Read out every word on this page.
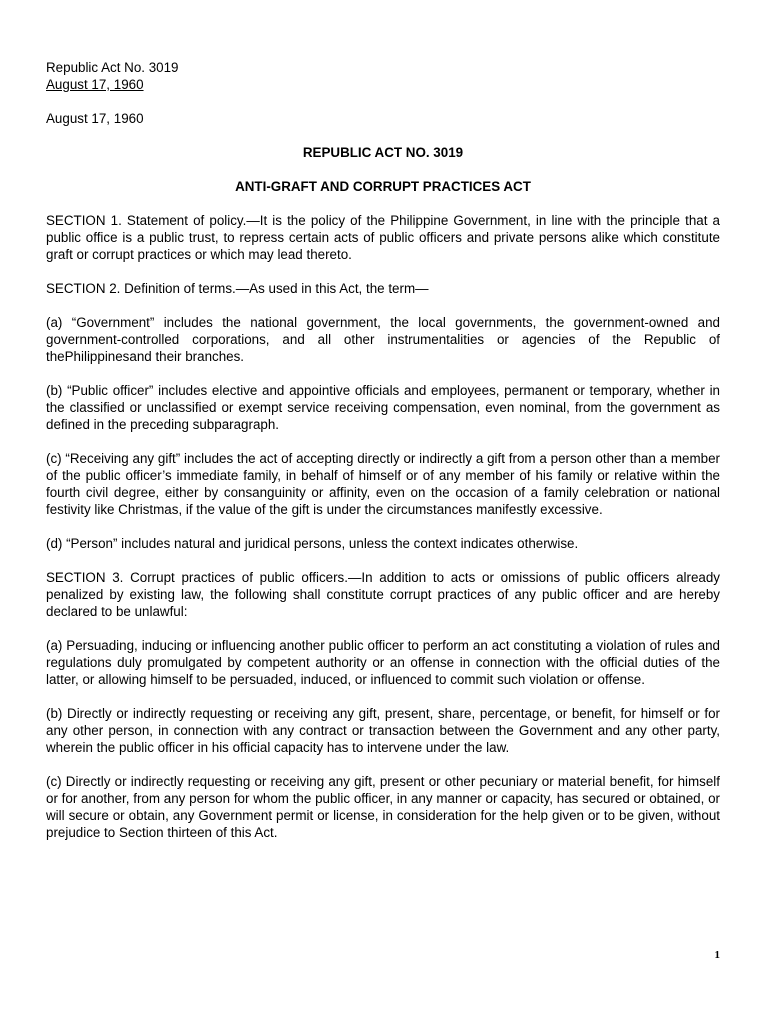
Republic Act No. 3019

August 17, 1960

August 17, 1960

REPUBLIC ACT NO. 3019

ANTI-GRAFT AND CORRUPT PRACTICES ACT

SECTION 1. Statement of policy.—It is the policy of the Philippine Government, in line with the principle that a public office is a public trust, to repress certain acts of public officers and private persons alike which constitute graft or corrupt practices or which may lead thereto.

SECTION 2. Definition of terms.—As used in this Act, the term—

(a) “Government” includes the national government, the local governments, the government-owned and government-controlled corporations, and all other instrumentalities or agencies of the Republic of thePhilippinesand their branches.

(b) “Public officer” includes elective and appointive officials and employees, permanent or temporary, whether in the classified or unclassified or exempt service receiving compensation, even nominal, from the government as defined in the preceding subparagraph.

(c) “Receiving any gift” includes the act of accepting directly or indirectly a gift from a person other than a member of the public officer’s immediate family, in behalf of himself or of any member of his family or relative within the fourth civil degree, either by consanguinity or affinity, even on the occasion of a family celebration or national festivity like Christmas, if the value of the gift is under the circumstances manifestly excessive.

(d) “Person” includes natural and juridical persons, unless the context indicates otherwise.

SECTION 3. Corrupt practices of public officers.—In addition to acts or omissions of public officers already penalized by existing law, the following shall constitute corrupt practices of any public officer and are hereby declared to be unlawful:

(a) Persuading, inducing or influencing another public officer to perform an act constituting a violation of rules and regulations duly promulgated by competent authority or an offense in connection with the official duties of the latter, or allowing himself to be persuaded, induced, or influenced to commit such violation or offense.

(b) Directly or indirectly requesting or receiving any gift, present, share, percentage, or benefit, for himself or for any other person, in connection with any contract or transaction between the Government and any other party, wherein the public officer in his official capacity has to intervene under the law.

(c) Directly or indirectly requesting or receiving any gift, present or other pecuniary or material benefit, for himself or for another, from any person for whom the public officer, in any manner or capacity, has secured or obtained, or will secure or obtain, any Government permit or license, in consideration for the help given or to be given, without prejudice to Section thirteen of this Act.

1
